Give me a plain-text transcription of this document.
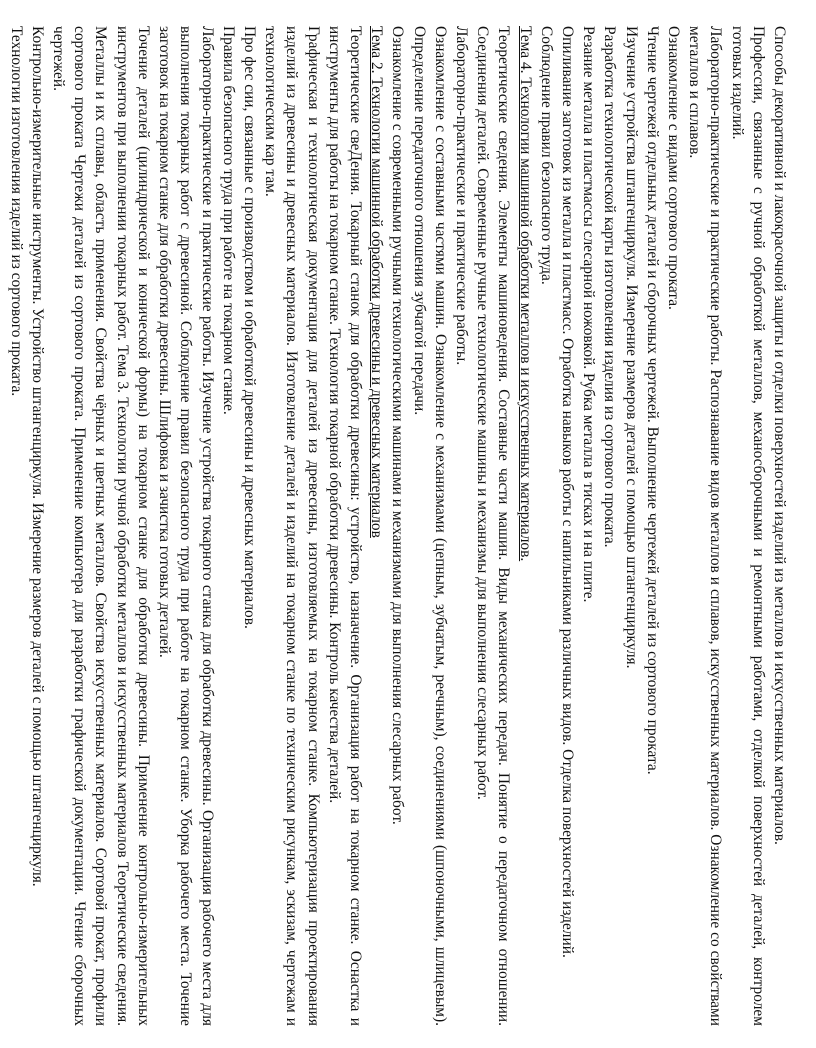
Способы декоративной и лакокрасочной защиты и отделки поверхностей изделий из металлов и искусственных материалов.

Профессии, связанные с ручной обработкой металлов, механосборочными и ремонтными работами, отделкой поверхностей деталей, контролем готовых изделий.

Лабораторно-практические и практические работы. Распознавание видов металлов и сплавов, искусственных материалов. Ознакомление со свойствами металлов и сплавов.

Ознакомление с видами сортового проката.

Чтение чертежей отдельных деталей и сборочных чертежей. Выполнение чертежей деталей из сортового проката.

Изучение устройства штангенциркуля. Измерение размеров деталей с помощью штангенциркуля.

Разработка технологической карты изготовления изделия из сортового проката.

Резание металла и пластмассы слесарной ножовкой. Рубка металла в тисках и на плите.

Опиливание заготовок из металла и пластмасс. Отработка навыков работы с напильниками различных видов. Отделка поверхностей изделий.

Соблюдение правил безопасного труда.

Тема 4. Технологии машинной обработки металлов и искусственных материалов.

Теоретические сведения. Элементы машиноведения. Составные части машин. Виды механических передач. Понятие о передаточном отношении. Соединения деталей. Современные ручные технологические машины и механизмы для выполнения слесарных работ.

Лабораторно-практические и практические работы.

Ознакомление с составными частями машин. Ознакомление с механизмами (цепным, зубчатым, реечным), соединениями (шпоночными, шлицевым). Определение передаточного отношения зубчатой передачи.

Ознакомление с современными ручными технологическими машинами и механизмами для выполнения слесарных работ.

Тема 2. Технологии машинной обработки древесины и древесных материалов

Теоретические свеДения. Токарный станок для обработки древесины: устройство, назначение. Организация работ на токарном станке. Оснастка и инструменты для работы на токарном станке. Технология токарной обработки древесины. Контроль качества деталей.

Графическая и технологическая документация для деталей из древесины, изготовляемых на токарном станке. Компьютеризация проектирования изделий из древесины и древесных материалов. Изготовление деталей и изделий на токарном станке по техническим рисункам, эскизам, чертежам и технологическим кар там.

Про фес сии, связанные с производством и обработкой древесины и древесных материалов.

Правила безопасного труда при работе на токарном станке.

Лабораторно-практические и практические работы. Изучение устройства токарного станка для обработки древесины. Организация рабочего места для выполнения токарных работ с древесиной. Соблюдение правил безопасного труда при работе на токарном станке. Уборка рабочего места. Точение заготовок на токарном станке для обработки древесины. Шлифовка и зачистка готовых деталей.

Точение деталей (цилиндрической и конической формы) на токарном станке для обработки древесины. Применение контрольно-измерительных инструментов при выполнении токарных работ. Тема 3. Технологии ручной обработки металлов и искусственных материалов Теоретические сведения. Металлы и их сплавы, область применения. Свойства чёрных и цветных металлов. Свойства искусственных материалов. Сортовой прокат, профили сортового проката Чертежи деталей из сортового проката. Применение компьютера для разработки графической документации. Чтение сборочных чертежей.

Контрольно-измерительные инструменты. Устройство штангенциркуля. Измерение размеров деталей с помощью штангенциркуля.

Технологии изготовления изделий из сортового проката.
